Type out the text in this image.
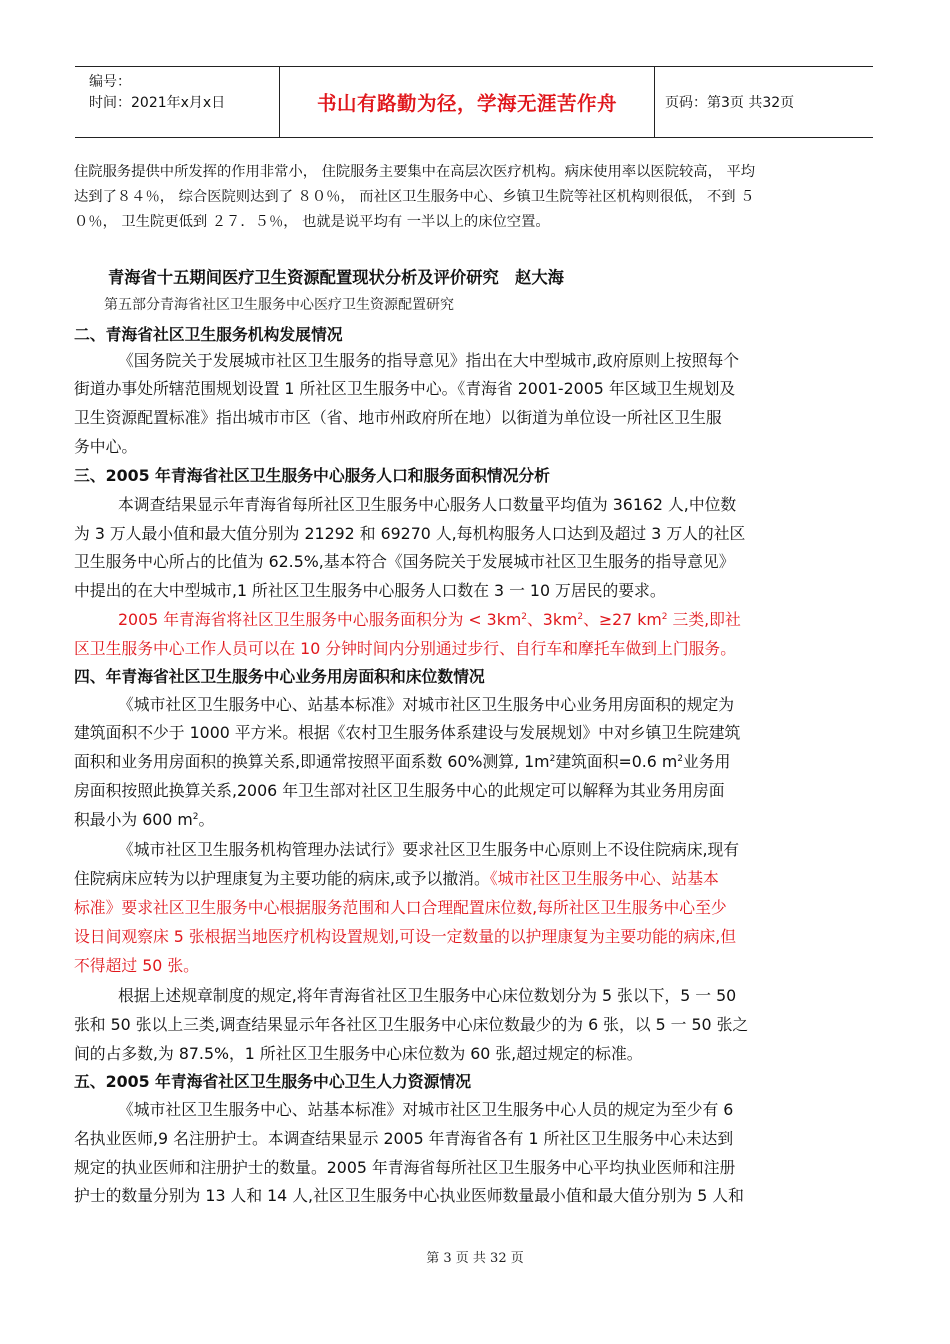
编号：
时间：2021年x月x日	书山有路勤为径，学海无涯苦作舟	页码：第3页 共32页
住院服务提供中所发挥的作用非常小， 住院服务主要集中在高层次医疗机构。病床使用率以医院较高， 平均
达到了８４％， 综合医院则达到了 ８０％， 而社区卫生服务中心、乡镇卫生院等社区机构则很低， 不到 ５
０％， 卫生院更低到 ２７．５％， 也就是说平均有 一半以上的床位空置。
青海省十五期间医疗卫生资源配置现状分析及评价研究　赵大海
第五部分青海省社区卫生服务中心医疗卫生资源配置研究
二、青海省社区卫生服务机构发展情况
《国务院关于发展城市社区卫生服务的指导意见》指出在大中型城市,政府原则上按照每个
街道办事处所辖范围规划设置 1 所社区卫生服务中心。《青海省 2001-2005 年区域卫生规划及
卫生资源配置标准》指出城市市区（省、地市州政府所在地）以街道为单位设一所社区卫生服
务中心。
三、2005 年青海省社区卫生服务中心服务人口和服务面积情况分析
本调查结果显示年青海省每所社区卫生服务中心服务人口数量平均值为 36162 人,中位数
为 3 万人最小值和最大值分别为 21292 和 69270 人,每机构服务人口达到及超过 3 万人的社区
卫生服务中心所占的比值为 62.5%,基本符合《国务院关于发展城市社区卫生服务的指导意见》
中提出的在大中型城市,1 所社区卫生服务中心服务人口数在 3 一 10 万居民的要求。
2005 年青海省将社区卫生服务中心服务面积分为 < $3km^2$、$3km^2$、≥27 $km^2$ 三类,即社
区卫生服务中心工作人员可以在 10 分钟时间内分别通过步行、自行车和摩托车做到上门服务。
四、年青海省社区卫生服务中心业务用房面积和床位数情况
《城市社区卫生服务中心、站基本标准》对城市社区卫生服务中心业务用房面积的规定为
建筑面积不少于 1000 平方米。根据《农村卫生服务体系建设与发展规划》中对乡镇卫生院建筑
面积和业务用房面积的换算关系,即通常按照平面系数 60%测算, $1m^2$建筑面积=0.6 $m^2$业务用
房面积按照此换算关系,2006 年卫生部对社区卫生服务中心的此规定可以解释为其业务用房面
积最小为 600 $m^2$。
《城市社区卫生服务机构管理办法试行》要求社区卫生服务中心原则上不设住院病床,现有
住院病床应转为以护理康复为主要功能的病床,或予以撤消。《城市社区卫生服务中心、站基本
标准》要求社区卫生服务中心根据服务范围和人口合理配置床位数,每所社区卫生服务中心至少
设日间观察床 5 张根据当地医疗机构设置规划,可设一定数量的以护理康复为主要功能的病床,但
不得超过 50 张。
根据上述规章制度的规定,将年青海省社区卫生服务中心床位数划分为 5 张以下，5 一 50
张和 50 张以上三类,调查结果显示年各社区卫生服务中心床位数最少的为 6 张，以 5 一 50 张之
间的占多数,为 87.5%，1 所社区卫生服务中心床位数为 60 张,超过规定的标准。
五、2005 年青海省社区卫生服务中心卫生人力资源情况
《城市社区卫生服务中心、站基本标准》对城市社区卫生服务中心人员的规定为至少有 6
名执业医师,9 名注册护士。本调查结果显示 2005 年青海省各有 1 所社区卫生服务中心未达到
规定的执业医师和注册护士的数量。2005 年青海省每所社区卫生服务中心平均执业医师和注册
护士的数量分别为 13 人和 14 人,社区卫生服务中心执业医师数量最小值和最大值分别为 5 人和
第 3 页 共 32 页
